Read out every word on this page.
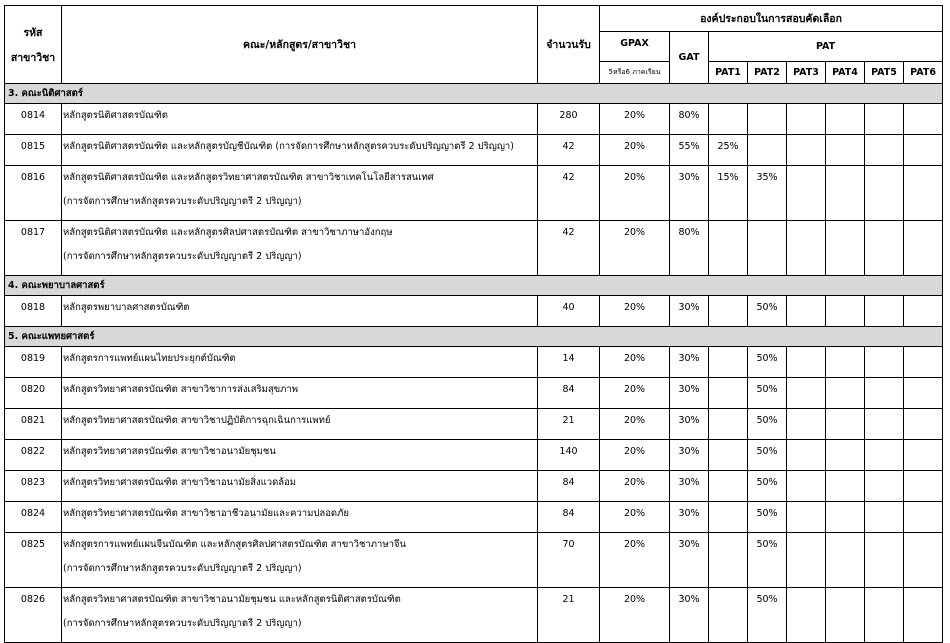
รหัส
สาขาวิชา	คณะ/หลักสูตร/สาขาวิชา	จำนวนรับ	องค์ประกอบในการสอบคัดเลือก							
			GPAX	GAT	PAT					
			5หรือ6 ภาคเรียน		PAT1	PAT2	PAT3	PAT4	PAT5	PAT6
3. คณะนิติศาสตร์										
0814	หลักสูตรนิติศาสตรบัณฑิต	280	20%	80%						
0815	หลักสูตรนิติศาสตรบัณฑิต และหลักสูตรบัญชีบัณฑิต (การจัดการศึกษาหลักสูตรควบระดับปริญญาตรี 2 ปริญญา)	42	20%	55%	25%					
0816	หลักสูตรนิติศาสตรบัณฑิต และหลักสูตรวิทยาศาสตรบัณฑิต สาขาวิชาเทคโนโลยีสารสนเทศ
(การจัดการศึกษาหลักสูตรควบระดับปริญญาตรี 2 ปริญญา)	42	20%	30%	15%	35%				
0817	หลักสูตรนิติศาสตรบัณฑิต และหลักสูตรศิลปศาสตรบัณฑิต สาขาวิชาภาษาอังกฤษ
(การจัดการศึกษาหลักสูตรควบระดับปริญญาตรี 2 ปริญญา)	42	20%	80%						
4. คณะพยาบาลศาสตร์										
0818	หลักสูตรพยาบาลศาสตรบัณฑิต	40	20%	30%		50%				
5. คณะแพทยศาสตร์										
0819	หลักสูตรการแพทย์แผนไทยประยุกต์บัณฑิต	14	20%	30%		50%				
0820	หลักสูตรวิทยาศาสตรบัณฑิต สาขาวิชาการส่งเสริมสุขภาพ	84	20%	30%		50%				
0821	หลักสูตรวิทยาศาสตรบัณฑิต สาขาวิชาปฏิบัติการฉุกเฉินการแพทย์	21	20%	30%		50%				
0822	หลักสูตรวิทยาศาสตรบัณฑิต สาขาวิชาอนามัยชุมชน	140	20%	30%		50%				
0823	หลักสูตรวิทยาศาสตรบัณฑิต สาขาวิชาอนามัยสิ่งแวดล้อม	84	20%	30%		50%				
0824	หลักสูตรวิทยาศาสตรบัณฑิต สาขาวิชาอาชีวอนามัยและความปลอดภัย	84	20%	30%		50%				
0825	หลักสูตรการแพทย์แผนจีนบัณฑิต และหลักสูตรศิลปศาสตรบัณฑิต สาขาวิชาภาษาจีน
(การจัดการศึกษาหลักสูตรควบระดับปริญญาตรี 2 ปริญญา)	70	20%	30%		50%				
0826	หลักสูตรวิทยาศาสตรบัณฑิต สาขาวิชาอนามัยชุมชน และหลักสูตรนิติศาสตรบัณฑิต
(การจัดการศึกษาหลักสูตรควบระดับปริญญาตรี 2 ปริญญา)	21	20%	30%		50%				
